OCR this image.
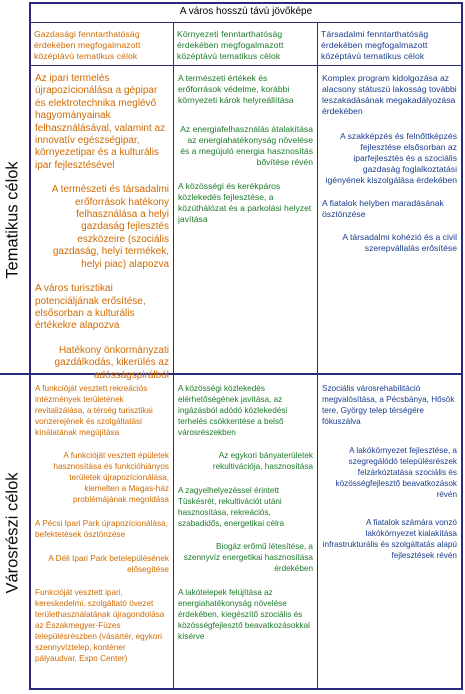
A város hosszú távú jövőképe
Gazdasági fenntarthatóság érdekében megfogalmazott középtávú tematikus célok
Környezeti fenntarthatóság érdekében megfogalmazott középtávú tematikus célok
Társadalmi fenntarthatóság érdekében megfogalmazott középtávú tematikus célok
Tematikus célok
Városrészi célok

Az ipari termelés újrapozícionálása a gépipar és elektrotechnika meglévő hagyományainak felhasználásával, valamint az innovatív egészségipar, környezetipar és a kulturális ipar fejlesztésével

A természeti és társadalmi erőforrások hatékony felhasználása a helyi gazdaság fejlesztés eszközeire (szociális gazdaság, helyi termékek, helyi piac) alapozva

A város turisztikai potenciáljának erősítése, elsősorban a kulturális értékekre alapozva

Hatékony önkormányzati gazdálkodás, kikerülés az adósságspirálból

A természeti értékek és erőforrások védelme, korábbi környezeti károk helyreállítása

Az energiafelhasználás átalakítása az energiahatékonyság növelése és a megújuló energia hasznosítás bővítése révén

A közösségi és kerékpáros közlekedés fejlesztése, a közúthálózat és a parkolási helyzet javítása

Komplex program kidolgozása az alacsony státuszú lakosság további leszakadásának megakadályozása érdekében

A szakképzés és felnőttképzés fejlesztése elsősorban az iparfejlesztés és a szociális gazdaság foglalkoztatási igényének kiszolgálása érdekében

A fiatalok helyben maradásának ösztönzése

A társadalmi kohézió és a civil szerepvállalás erősítése

A funkcióját vesztett rekreációs intézmények területének revitalizálása, a térség turisztikai vonzerejének és szolgáltatási kínálatának megújítása

A funkcióját vesztett épületek hasznosítása és funkcióhiányos területek újrapozícionálása, kiemelten a Magas-ház problémájának megoldása

A Pécsi Ipari Park újrapozícionálása, befektetések ösztönzése

A Déli Ipari Park betelepülésének elősegítése

Funkcióját vesztett ipari, kereskedelmi, szolgáltató övezet területhasználatának újragondolása az Északmegyer-Füzes településrészben (vásártér, egykori szennyvíztelep, konténer pályaudvar, Expo Center)

A közösségi közlekedés elérhetőségének javítása, az ingázásból adódó közlekedési terhelés csökkentése a belső városrészekben

Az egykori bányaterületek rekultivációja, hasznosítása

A zagyelhelyezéssel érintett Tüskésrét, rekultivációt utáni hasznosítása, rekreációs, szabadidős, energetikai célra

Biogáz erőmű létesítése, a szennyvíz energetikai hasznosítása érdekében

A lakótelepek felújítása az energiahatékonyság növelése érdekében, kiegészítő szociális és közösségfejlesztő beavatkozásokkal kísérve

Szociális városrehabilitáció megvalósítása, a Pécsbánya, Hősök tere, György telep térségére fókuszálva

A lakókörnyezet fejlesztése, a szegregálódó településrészek felzárkóztatása szociális és közösségfejlesztő beavatkozások révén

A fiatalok számára vonzó lakókörnyezet kialakítása infrastrukturális és szolgáltatás alapú fejlesztések révén
